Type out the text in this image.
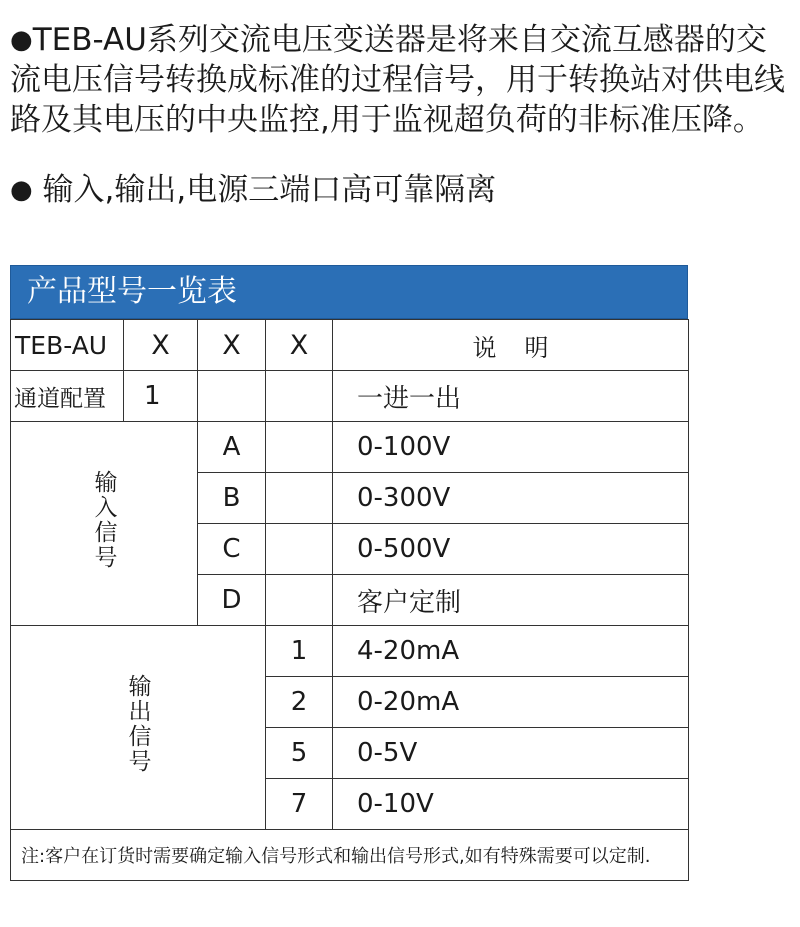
●TEB-AU系列交流电压变送器是将来自交流互感器的交流电压信号转换成标准的过程信号，用于转换站对供电线路及其电压的中央监控,用于监视超负荷的非标准压降。

● 输入,输出,电源三端口高可靠隔离

产品型号一览表
TEB-AU	X	X	X	说明
通道配置	1			一进一出
输入信号		A		0-100V
		B		0-300V
		C		0-500V
		D		客户定制
输出信号			1	4-20mA
			2	0-20mA
			5	0-5V
			7	0-10V
注:客户在订货时需要确定输入信号形式和输出信号形式,如有特殊需要可以定制.				
